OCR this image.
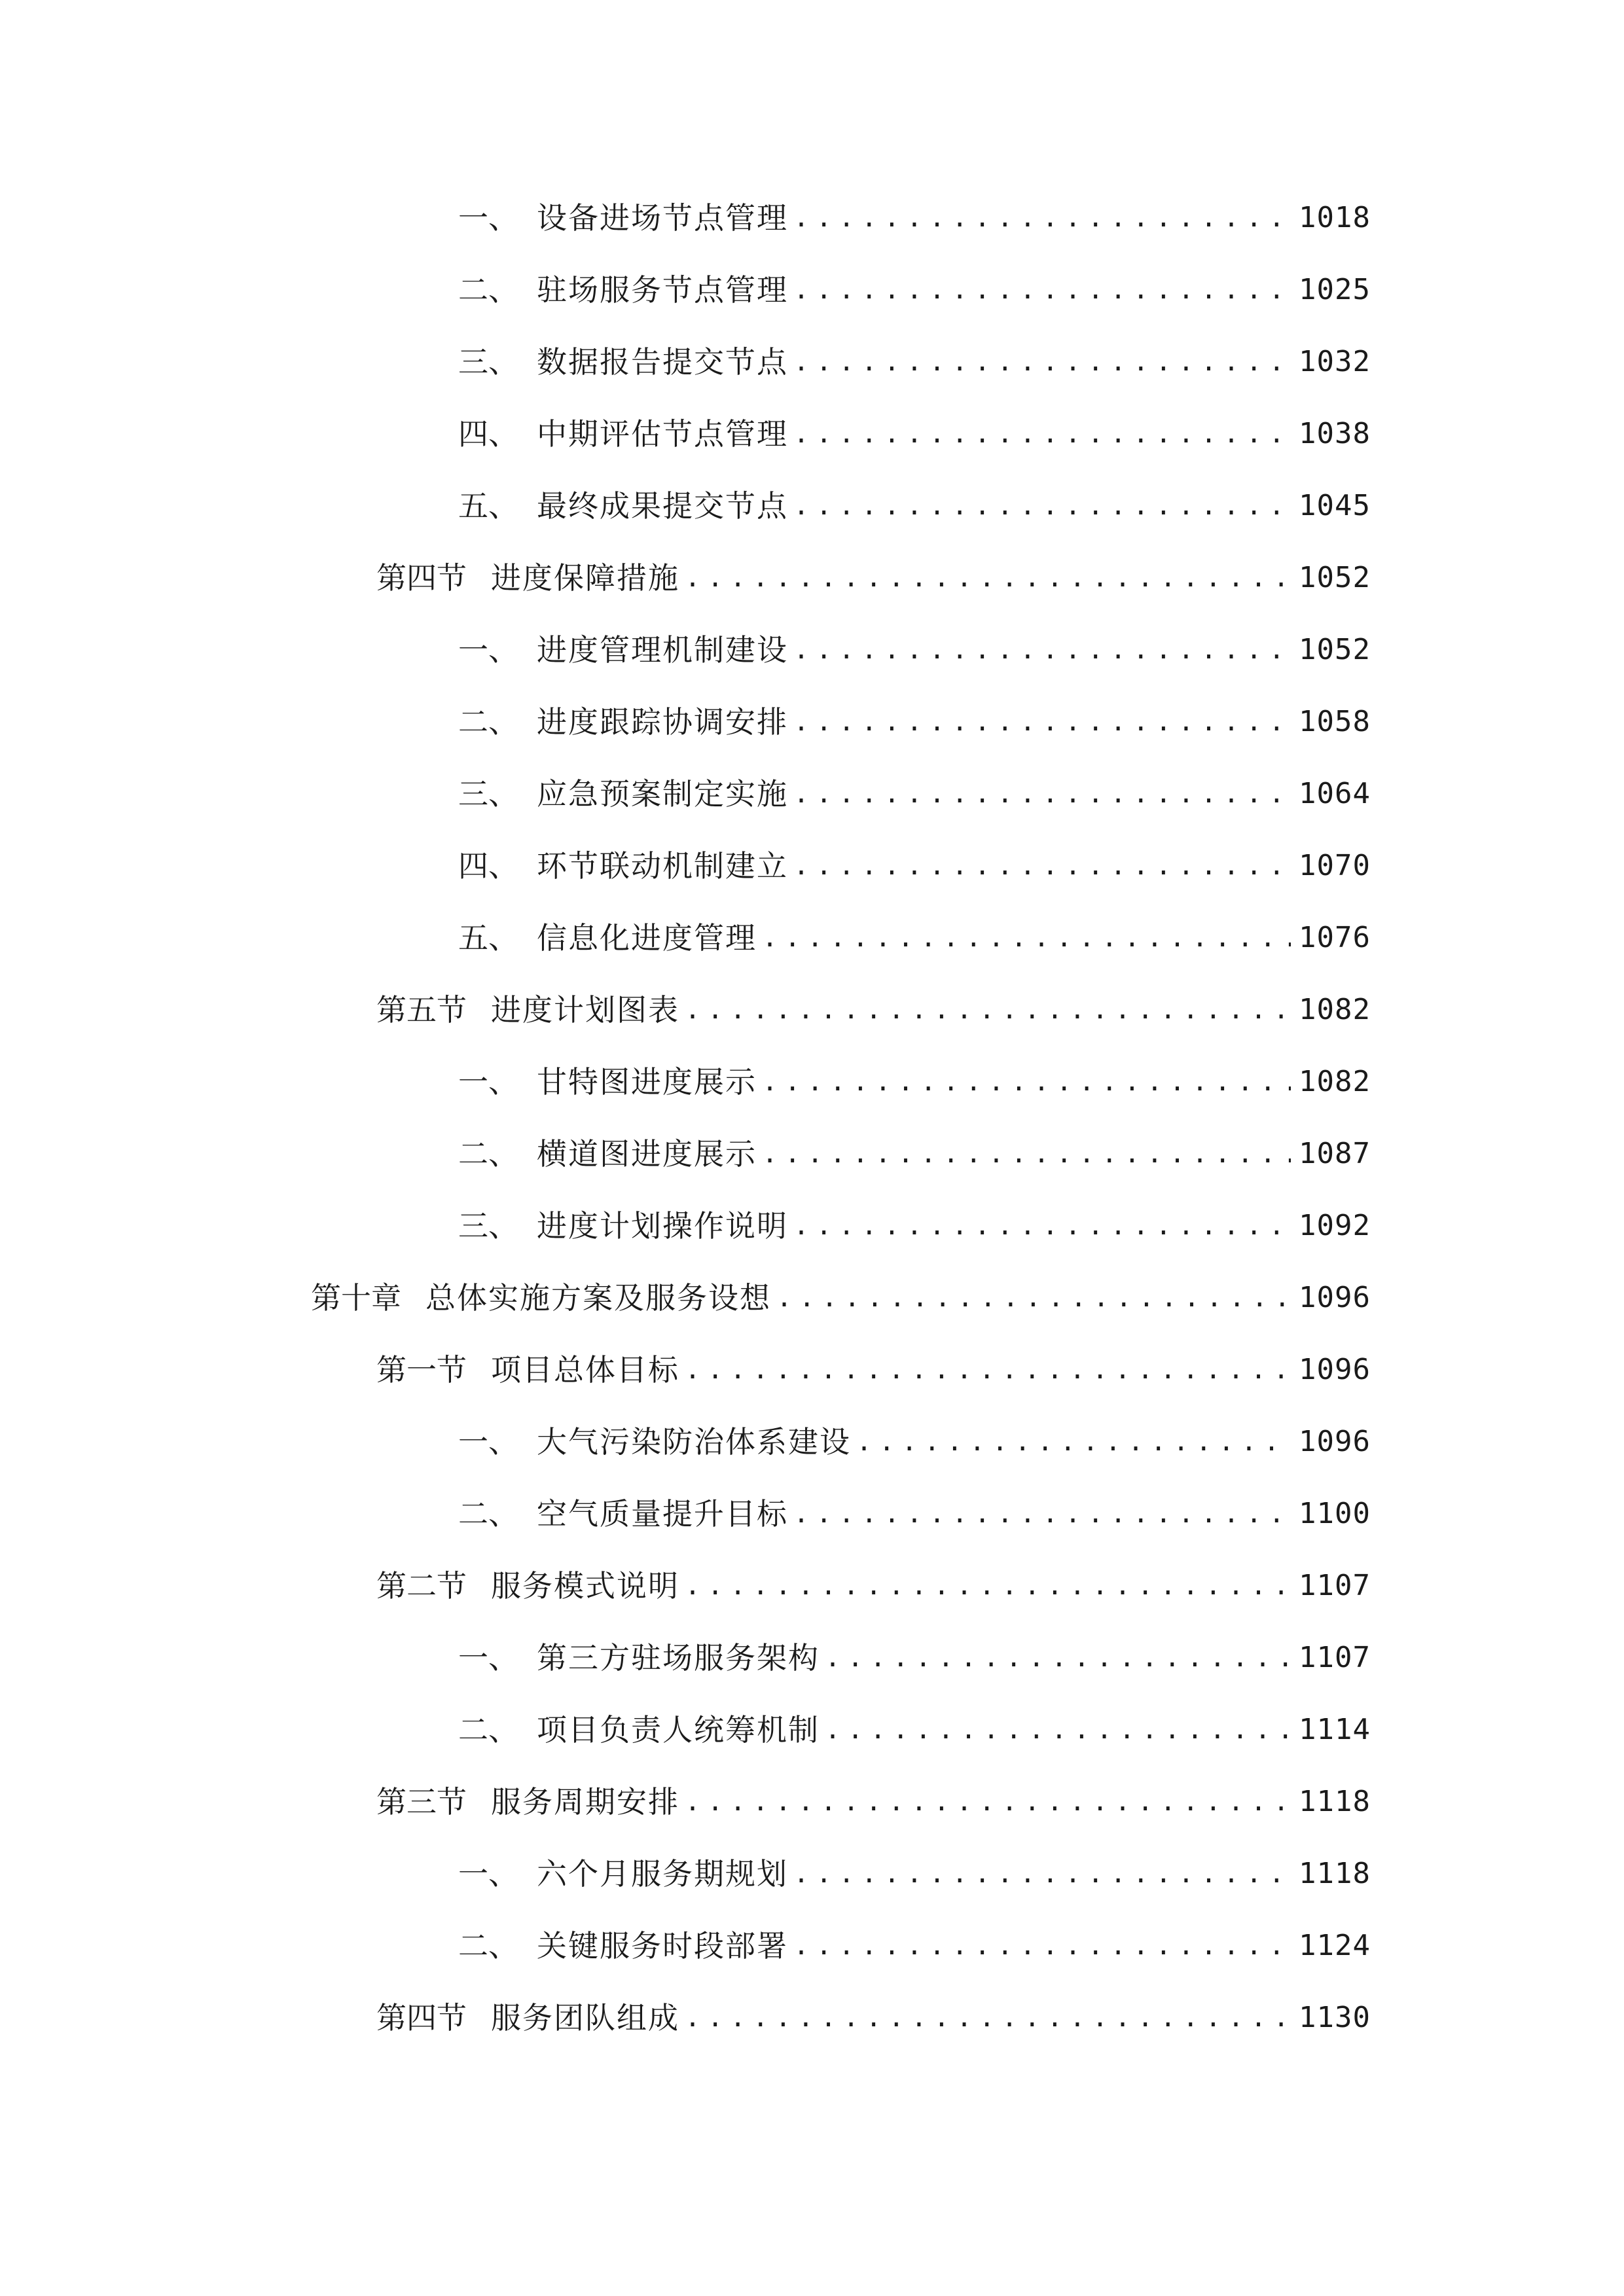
一、 设备进场节点管理 .....	1018
二、 驻场服务节点管理 .....	1025
三、 数据报告提交节点 .....	1032
四、 中期评估节点管理 .....	1038
五、 最终成果提交节点 .....	1045
第四节 进度保障措施 .....	1052
一、 进度管理机制建设 .....	1052
二、 进度跟踪协调安排 .....	1058
三、 应急预案制定实施 .....	1064
四、 环节联动机制建立 .....	1070
五、 信息化进度管理 .....	1076
第五节 进度计划图表 .....	1082
一、 甘特图进度展示 .....	1082
二、 横道图进度展示 .....	1087
三、 进度计划操作说明 .....	1092
第十章 总体实施方案及服务设想 .....	1096
第一节 项目总体目标 .....	1096
一、 大气污染防治体系建设 .....	1096
二、 空气质量提升目标 .....	1100
第二节 服务模式说明 .....	1107
一、 第三方驻场服务架构 .....	1107
二、 项目负责人统筹机制 .....	1114
第三节 服务周期安排 .....	1118
一、 六个月服务期规划 .....	1118
二、 关键服务时段部署 .....	1124
第四节 服务团队组成 .....	1130
